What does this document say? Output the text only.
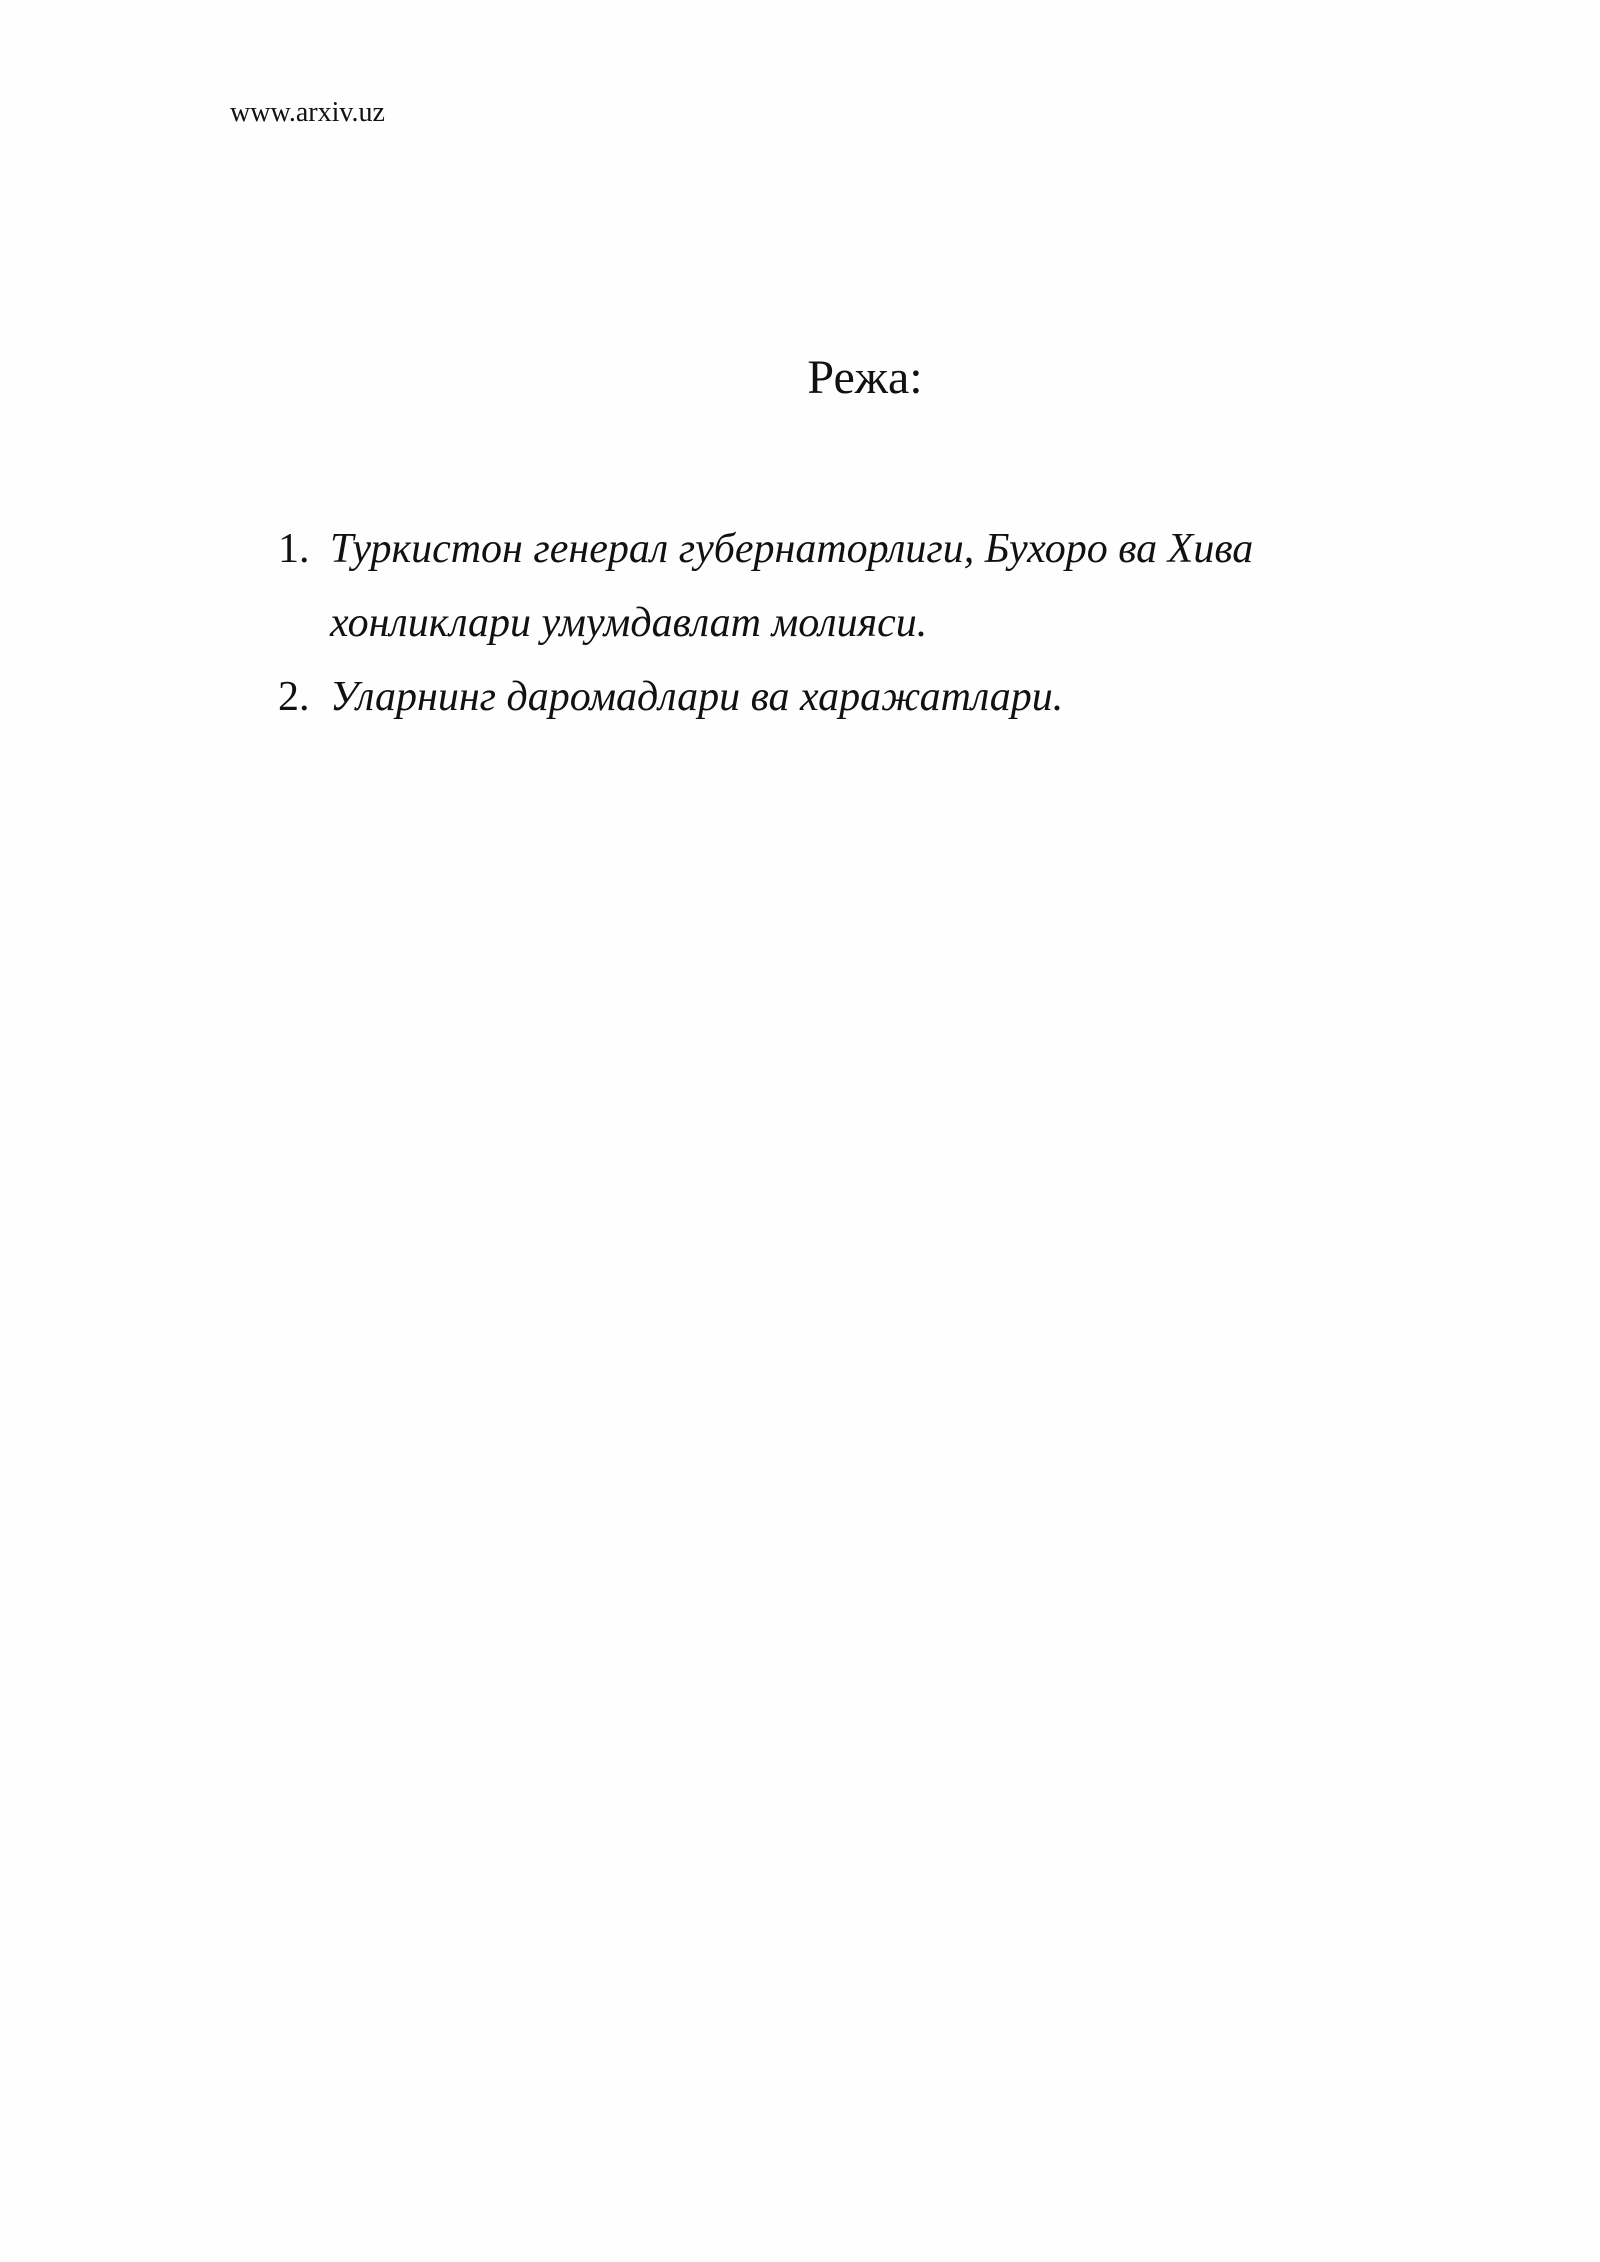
www.arxiv.uz
Режа:
1. Туркистон генерал губернаторлиги, Бухоро ва Хива хонликлари умумдавлат молияси.
2. Уларнинг даромадлари ва харажатлари.
